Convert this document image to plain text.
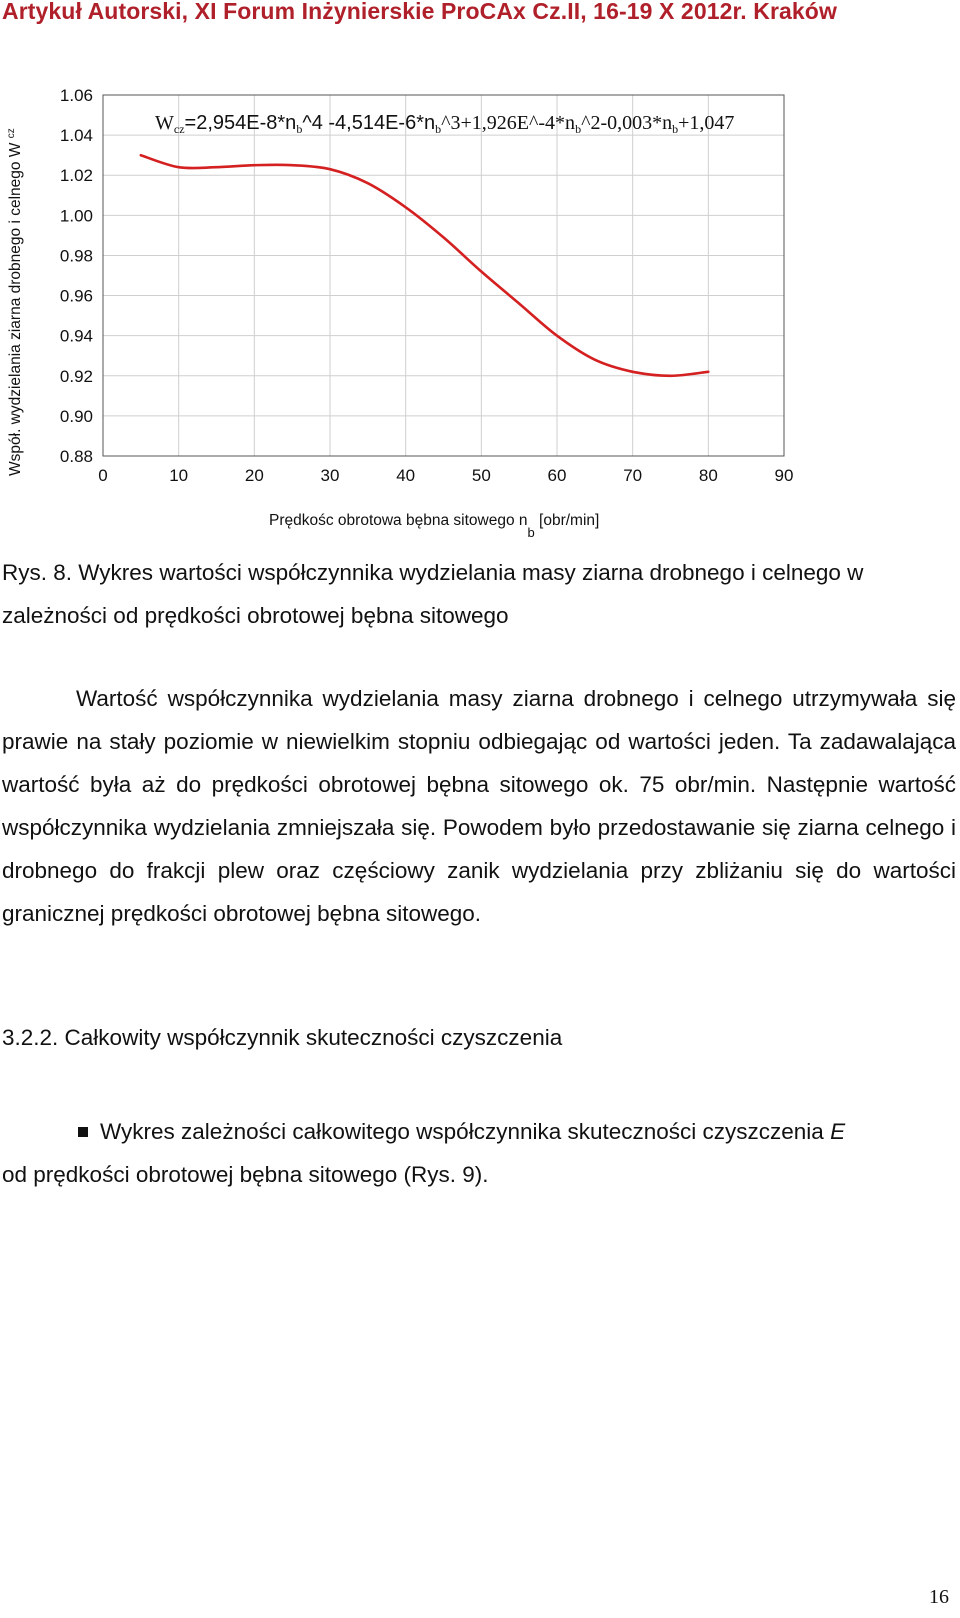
Artykuł Autorski, XI Forum Inżynierskie ProCAx Cz.II, 16-19 X 2012r. Kraków
0	10	20	30	40	50	60	70	80	90
1.06
1.04
1.02
1.00
0.98
0.96
0.94
0.92
0.90
0.88
Współ. wydzielania ziarna drobnego i celnego W $_{cz}$	$W_{cz}=2,954E-8*n_b\^{}4$ $-4,514E-6*n_b\^{}3+1,926E\^{}-4*n_b\^{}2-0,003*n_b+1,047$
Prędkośc obrotowa bębna sitowego $n_b$ [obr/min]
Rys. 8. Wykres wartości współczynnika wydzielania masy ziarna drobnego i celnego w zależności od prędkości obrotowej bębna sitowego
Wartość współczynnika wydzielania masy ziarna drobnego i celnego utrzymywała się prawie na stały poziomie w niewielkim stopniu odbiegając od wartości jeden. Ta zadawalająca wartość była aż do prędkości obrotowej bębna sitowego ok. 75 obr/min. Następnie wartość współczynnika wydzielania zmniejszała się. Powodem było przedostawanie się ziarna celnego i drobnego do frakcji plew oraz częściowy zanik wydzielania przy zbliżaniu się do wartości granicznej prędkości obrotowej bębna sitowego.
3.2.2. Całkowity współczynnik skuteczności czyszczenia
Wykres zależności całkowitego współczynnika skuteczności czyszczenia E
od prędkości obrotowej bębna sitowego (Rys. 9).
16
